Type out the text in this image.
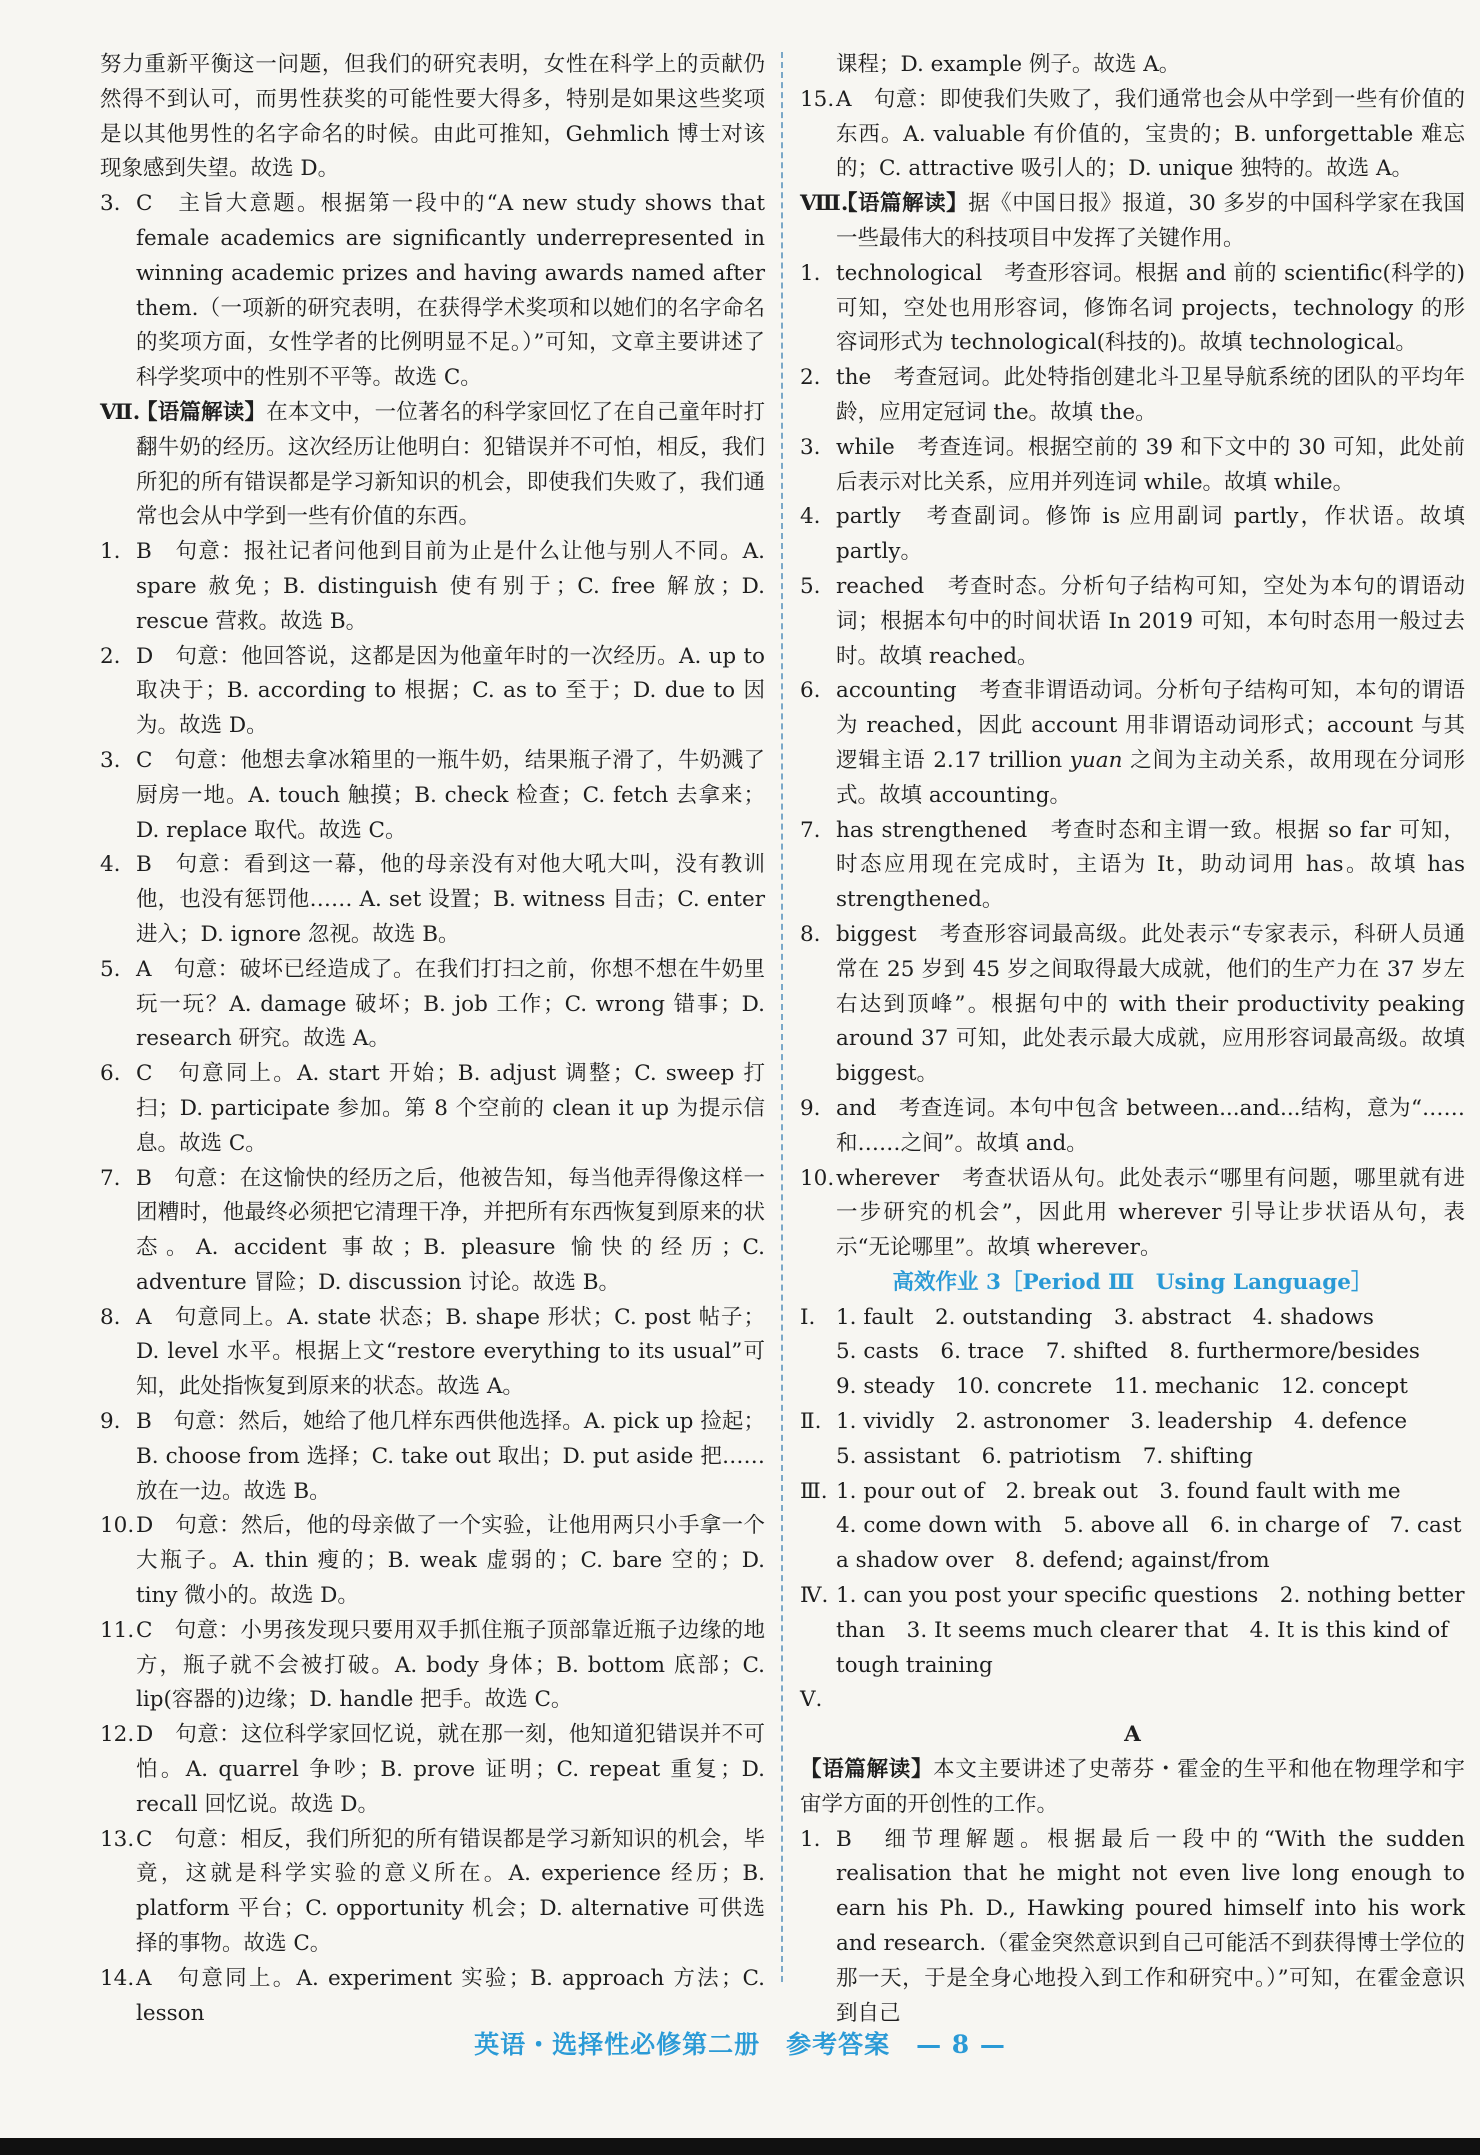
努力重新平衡这一问题，但我们的研究表明，女性在科学上的贡献仍然得不到认可，而男性获奖的可能性要大得多，特别是如果这些奖项是以其他男性的名字命名的时候。由此可推知，Gehmlich 博士对该现象感到失望。故选 D。

3. C　主旨大意题。根据第一段中的“A new study shows that female academics are significantly underrepresented in winning academic prizes and having awards named after them.（一项新的研究表明，在获得学术奖项和以她们的名字命名的奖项方面，女性学者的比例明显不足。）”可知，文章主要讲述了科学奖项中的性别不平等。故选 C。
Ⅶ.
【语篇解读】在本文中，一位著名的科学家回忆了在自己童年时打翻牛奶的经历。这次经历让他明白：犯错误并不可怕，相反，我们所犯的所有错误都是学习新知识的机会，即使我们失败了，我们通常也会从中学到一些有价值的东西。
1. B　句意：报社记者问他到目前为止是什么让他与别人不同。A. spare 赦免；B. distinguish 使有别于；C. free 解放；D. rescue 营救。故选 B。
2. D　句意：他回答说，这都是因为他童年时的一次经历。A. up to 取决于；B. according to 根据；C. as to 至于；D. due to 因为。故选 D。
3. C　句意：他想去拿冰箱里的一瓶牛奶，结果瓶子滑了，牛奶溅了厨房一地。A. touch 触摸；B. check 检查；C. fetch 去拿来；D. replace 取代。故选 C。
4. B　句意：看到这一幕，他的母亲没有对他大吼大叫，没有教训他，也没有惩罚他…… A. set 设置；B. witness 目击；C. enter 进入；D. ignore 忽视。故选 B。
5. A　句意：破坏已经造成了。在我们打扫之前，你想不想在牛奶里玩一玩？A. damage 破坏；B. job 工作；C. wrong 错事；D. research 研究。故选 A。
6. C　句意同上。A. start 开始；B. adjust 调整；C. sweep 打扫；D. participate 参加。第 8 个空前的 clean it up 为提示信息。故选 C。
7. B　句意：在这愉快的经历之后，他被告知，每当他弄得像这样一团糟时，他最终必须把它清理干净，并把所有东西恢复到原来的状态。A. accident 事故；B. pleasure 愉快的经历；C. adventure 冒险；D. discussion 讨论。故选 B。
8. A　句意同上。A. state 状态；B. shape 形状；C. post 帖子；D. level 水平。根据上文“restore everything to its usual”可知，此处指恢复到原来的状态。故选 A。
9. B　句意：然后，她给了他几样东西供他选择。A. pick up 捡起；B. choose from 选择；C. take out 取出；D. put aside 把……放在一边。故选 B。
10. D　句意：然后，他的母亲做了一个实验，让他用两只小手拿一个大瓶子。A. thin 瘦的；B. weak 虚弱的；C. bare 空的；D. tiny 微小的。故选 D。
11. C　句意：小男孩发现只要用双手抓住瓶子顶部靠近瓶子边缘的地方，瓶子就不会被打破。A. body 身体；B. bottom 底部；C. lip(容器的)边缘；D. handle 把手。故选 C。
12. D　句意：这位科学家回忆说，就在那一刻，他知道犯错误并不可怕。A. quarrel 争吵；B. prove 证明；C. repeat 重复；D. recall 回忆说。故选 D。
13. C　句意：相反，我们所犯的所有错误都是学习新知识的机会，毕竟，这就是科学实验的意义所在。A. experience 经历；B. platform 平台；C. opportunity 机会；D. alternative 可供选择的事物。故选 C。
14. A　句意同上。A. experiment 实验；B. approach 方法；C. lesson

课程；D. example 例子。故选 A。

15. A　句意：即使我们失败了，我们通常也会从中学到一些有价值的东西。A. valuable 有价值的，宝贵的；B. unforgettable 难忘的；C. attractive 吸引人的；D. unique 独特的。故选 A。
Ⅷ.
【语篇解读】据《中国日报》报道，30 多岁的中国科学家在我国一些最伟大的科技项目中发挥了关键作用。
1. technological　考查形容词。根据 and 前的 scientific(科学的)可知，空处也用形容词，修饰名词 projects，technology 的形容词形式为 technological(科技的)。故填 technological。
2. the　考查冠词。此处特指创建北斗卫星导航系统的团队的平均年龄，应用定冠词 the。故填 the。
3. while　考查连词。根据空前的 39 和下文中的 30 可知，此处前后表示对比关系，应用并列连词 while。故填 while。
4. partly　考查副词。修饰 is 应用副词 partly，作状语。故填 partly。
5. reached　考查时态。分析句子结构可知，空处为本句的谓语动词；根据本句中的时间状语 In 2019 可知，本句时态用一般过去时。故填 reached。
6. accounting　考查非谓语动词。分析句子结构可知，本句的谓语为 reached，因此 account 用非谓语动词形式；account 与其逻辑主语 2.17 trillion yuan 之间为主动关系，故用现在分词形式。故填 accounting。
7. has strengthened　考查时态和主谓一致。根据 so far 可知，时态应用现在完成时，主语为 It，助动词用 has。故填 has strengthened。
8. biggest　考查形容词最高级。此处表示“专家表示，科研人员通常在 25 岁到 45 岁之间取得最大成就，他们的生产力在 37 岁左右达到顶峰”。根据句中的 with their productivity peaking around 37 可知，此处表示最大成就，应用形容词最高级。故填 biggest。
9. and　考查连词。本句中包含 between...and...结构，意为“……和……之间”。故填 and。
10. wherever　考查状语从句。此处表示“哪里有问题，哪里就有进一步研究的机会”，因此用 wherever 引导让步状语从句，表示“无论哪里”。故填 wherever。

高效作业 3［Period Ⅲ　Using Language］

Ⅰ. 1. fault　2. outstanding　3. abstract　4. shadows
5. casts　6. trace　7. shifted　8. furthermore/besides
9. steady　10. concrete　11. mechanic　12. concept
Ⅱ. 1. vividly　2. astronomer　3. leadership　4. defence
5. assistant　6. patriotism　7. shifting
Ⅲ. 1. pour out of　2. break out　3. found fault with me
4. come down with　5. above all　6. in charge of　7. cast a shadow over　8. defend; against/from
Ⅳ. 1. can you post your specific questions　2. nothing better than　3. It seems much clearer that　4. It is this kind of tough training
Ⅴ.

A

【语篇解读】本文主要讲述了史蒂芬・霍金的生平和他在物理学和宇宙学方面的开创性的工作。

1. B　细节理解题。根据最后一段中的“With the sudden realisation that he might not even live long enough to earn his Ph. D., Hawking poured himself into his work and research.（霍金突然意识到自己可能活不到获得博士学位的那一天，于是全身心地投入到工作和研究中。）”可知，在霍金意识到自己
英语・选择性必修第二册　参考答案　— 8 —
